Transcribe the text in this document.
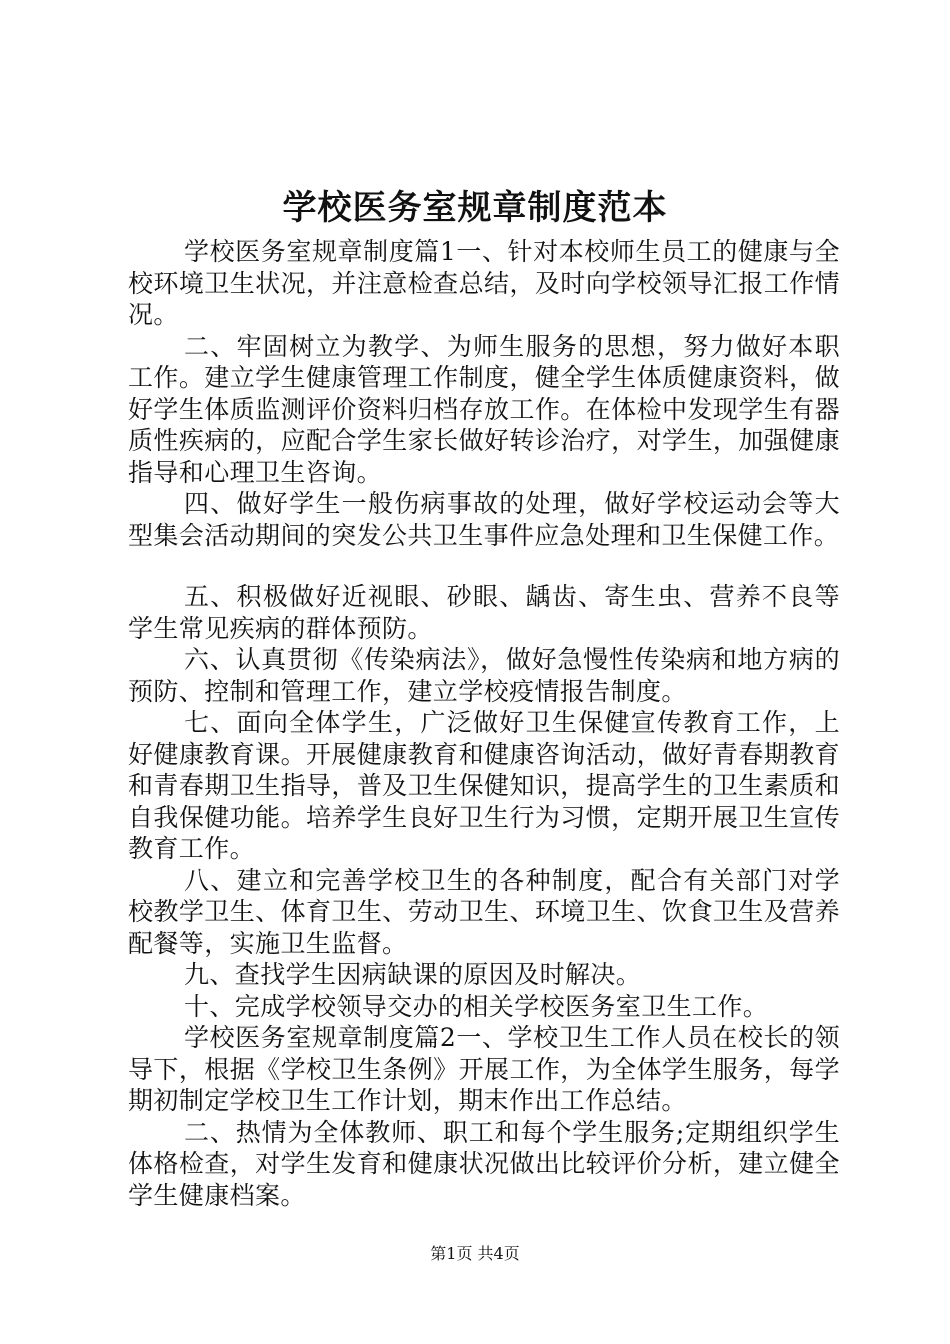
学校医务室规章制度范本

学校医务室规章制度篇1一、针对本校师生员工的健康与全校环境卫生状况，并注意检查总结，及时向学校领导汇报工作情况。

二、牢固树立为教学、为师生服务的思想，努力做好本职工作。建立学生健康管理工作制度，健全学生体质健康资料，做好学生体质监测评价资料归档存放工作。在体检中发现学生有器质性疾病的，应配合学生家长做好转诊治疗，对学生，加强健康指导和心理卫生咨询。

四、做好学生一般伤病事故的处理，做好学校运动会等大型集会活动期间的突发公共卫生事件应急处理和卫生保健工作。

五、积极做好近视眼、砂眼、龋齿、寄生虫、营养不良等学生常见疾病的群体预防。

六、认真贯彻《传染病法》，做好急慢性传染病和地方病的预防、控制和管理工作，建立学校疫情报告制度。

七、面向全体学生，广泛做好卫生保健宣传教育工作，上好健康教育课。开展健康教育和健康咨询活动，做好青春期教育和青春期卫生指导，普及卫生保健知识，提高学生的卫生素质和自我保健功能。培养学生良好卫生行为习惯，定期开展卫生宣传教育工作。

八、建立和完善学校卫生的各种制度，配合有关部门对学校教学卫生、体育卫生、劳动卫生、环境卫生、饮食卫生及营养配餐等，实施卫生监督。

九、查找学生因病缺课的原因及时解决。

十、完成学校领导交办的相关学校医务室卫生工作。

学校医务室规章制度篇2一、学校卫生工作人员在校长的领导下，根据《学校卫生条例》开展工作，为全体学生服务，每学期初制定学校卫生工作计划，期末作出工作总结。

二、热情为全体教师、职工和每个学生服务;定期组织学生体格检查，对学生发育和健康状况做出比较评价分析，建立健全学生健康档案。

第1页 共4页
